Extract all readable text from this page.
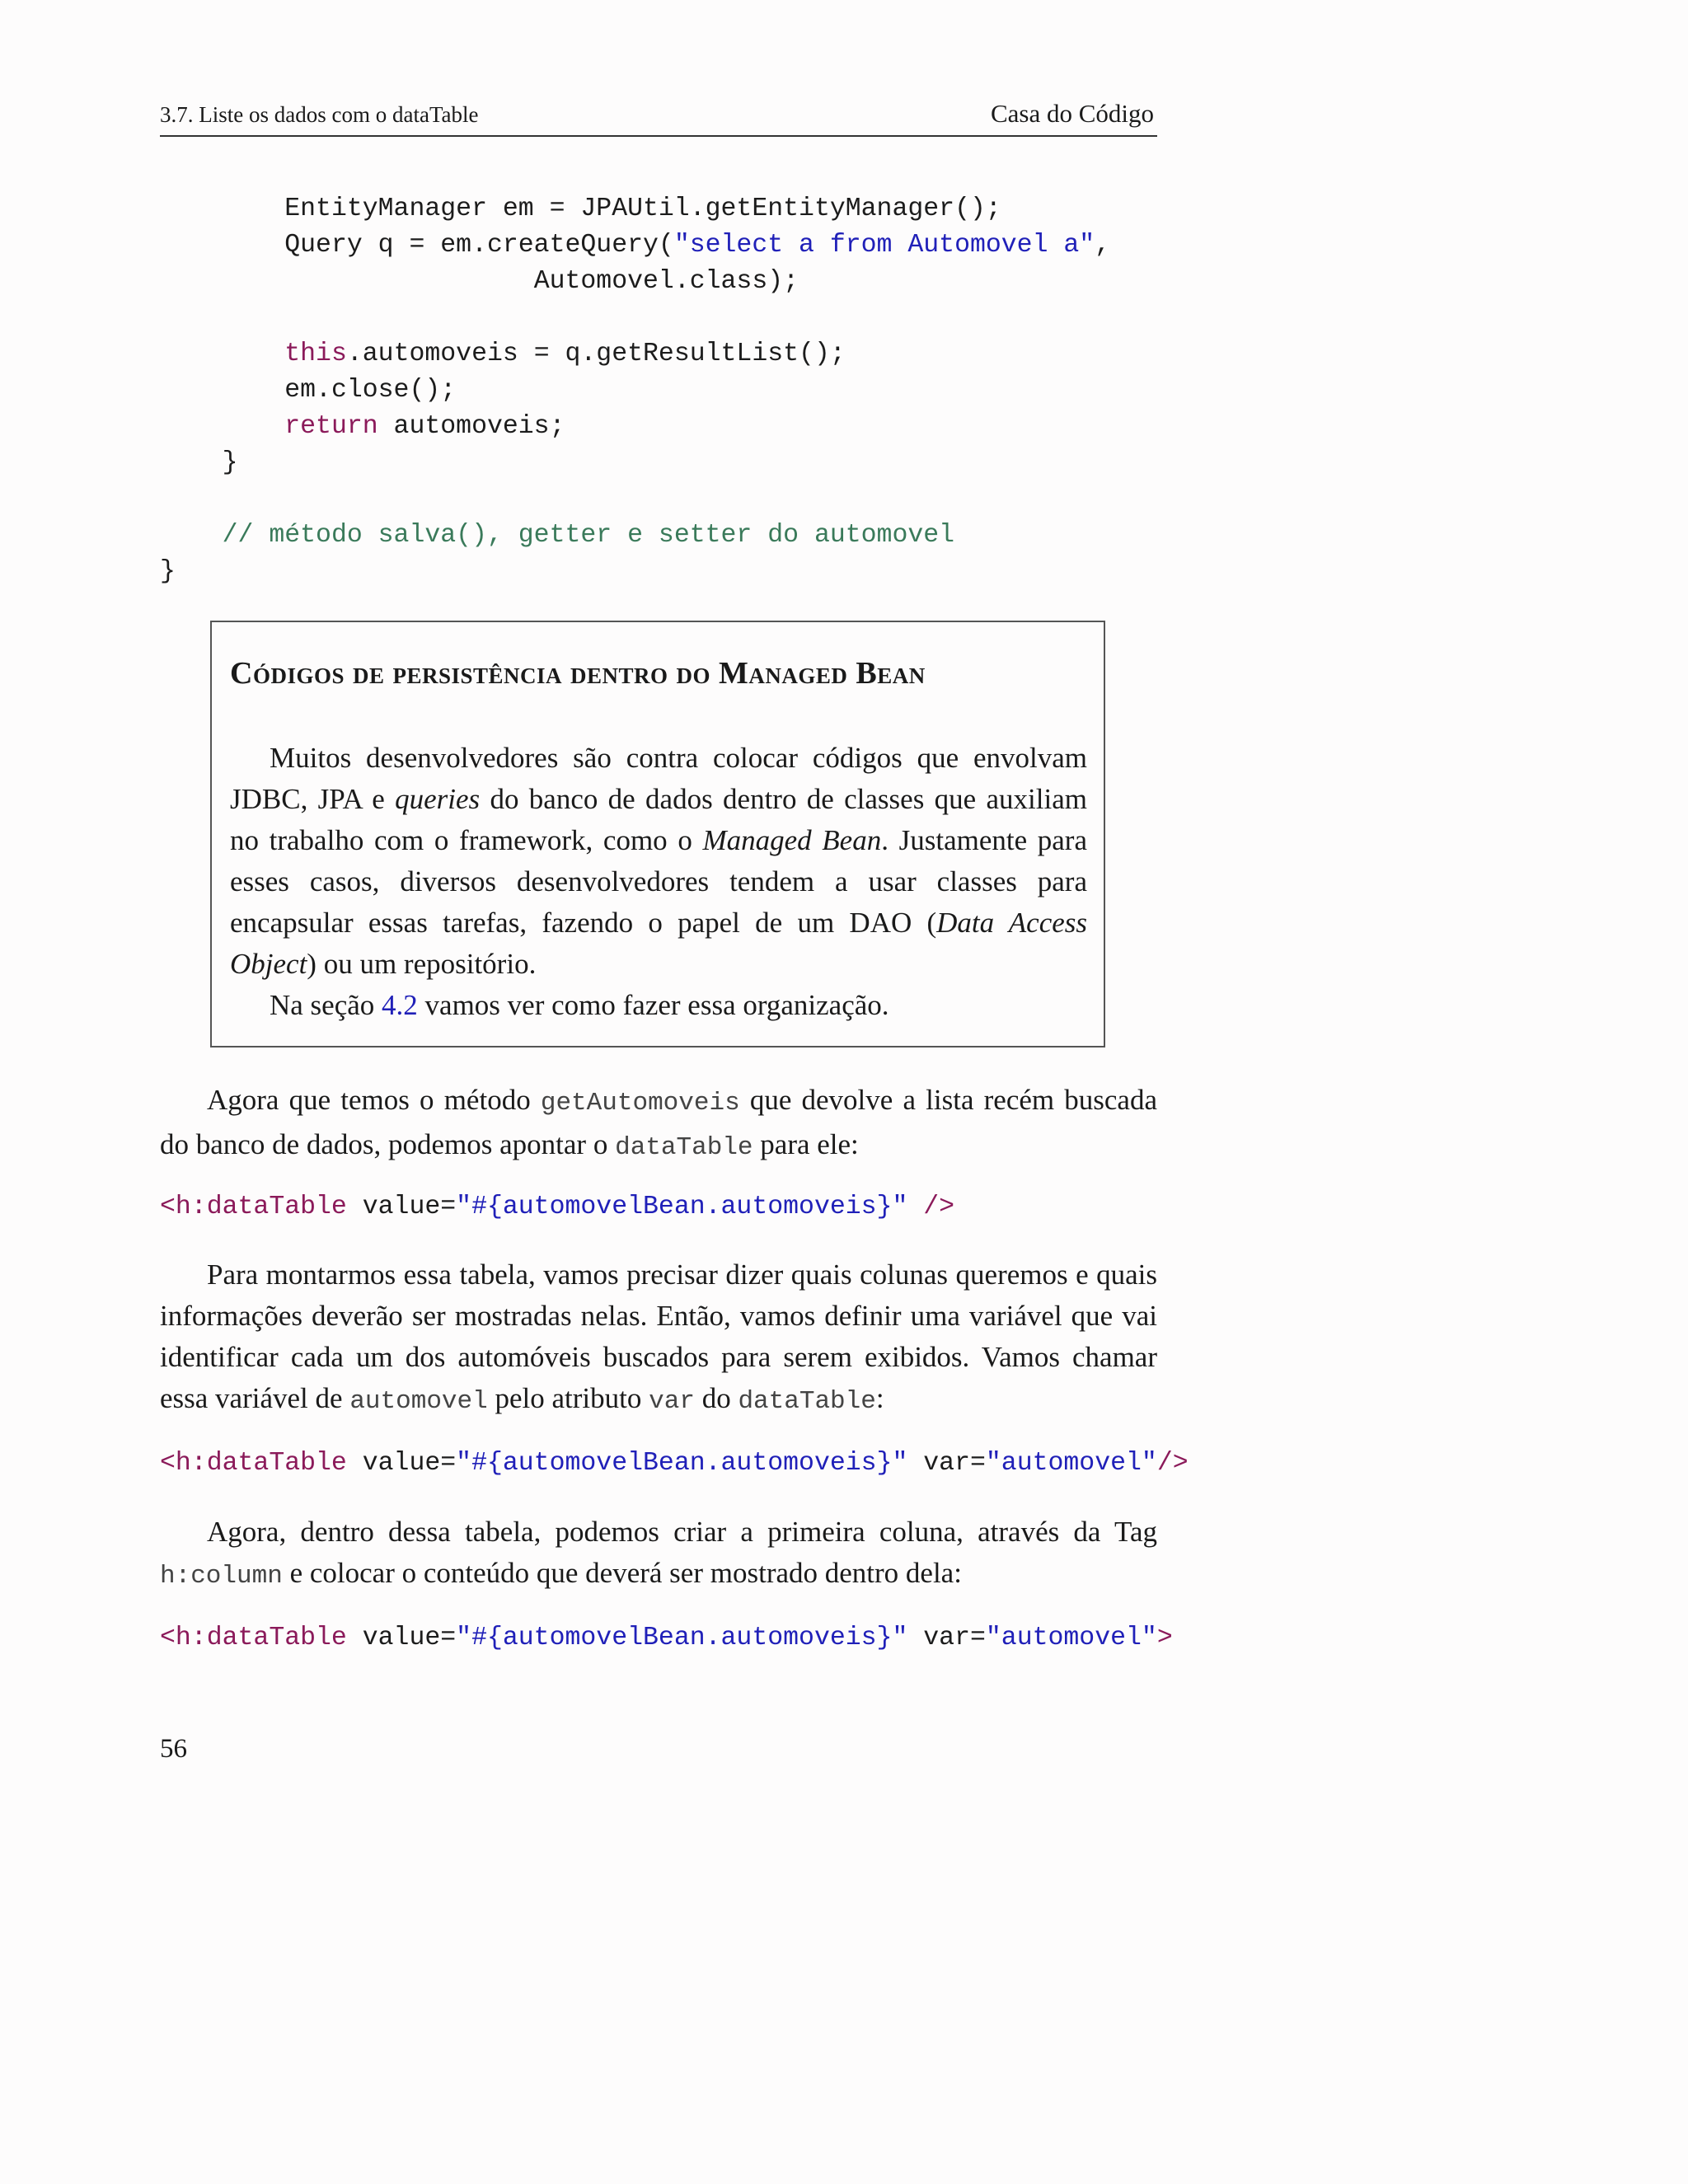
3.7. Liste os dados com o dataTable	Casa do Código
EntityManager em = JPAUtil.getEntityManager();
Query q = em.createQuery("select a from Automovel a",
Automovel.class);

this.automoveis = q.getResultList();
em.close();
return automoveis;
}

// método salva(), getter e setter do automovel
}
Códigos de persistência dentro do Managed Bean

Muitos desenvolvedores são contra colocar códigos que envolvam JDBC, JPA e queries do banco de dados dentro de classes que auxiliam no trabalho com o framework, como o Managed Bean. Justamente para esses casos, diversos desenvolvedores tendem a usar classes para encapsular essas tarefas, fazendo o papel de um DAO (Data Access Object) ou um repositório.

Na seção 4.2 vamos ver como fazer essa organização.

Agora que temos o método getAutomoveis que devolve a lista recém buscada do banco de dados, podemos apontar o dataTable para ele:

<h:dataTable value="#{automovelBean.automoveis}" />

Para montarmos essa tabela, vamos precisar dizer quais colunas queremos e quais informações deverão ser mostradas nelas. Então, vamos definir uma variável que vai identificar cada um dos automóveis buscados para serem exibidos. Vamos chamar essa variável de automovel pelo atributo var do dataTable:

<h:dataTable value="#{automovelBean.automoveis}" var="automovel"/>

Agora, dentro dessa tabela, podemos criar a primeira coluna, através da Tag h:column e colocar o conteúdo que deverá ser mostrado dentro dela:

<h:dataTable value="#{automovelBean.automoveis}" var="automovel">
56
